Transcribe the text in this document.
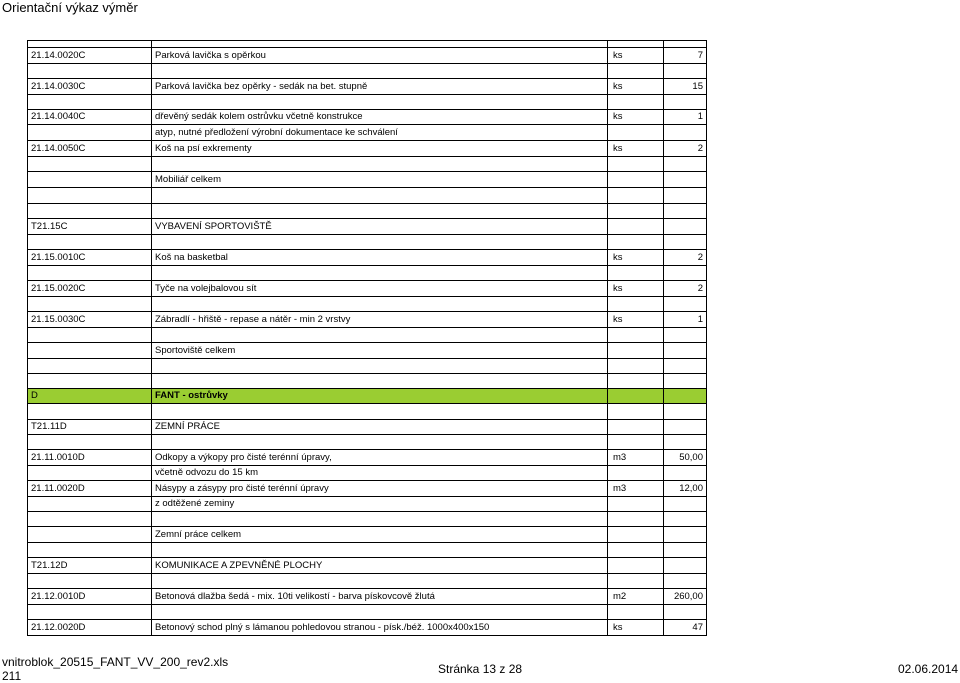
Orientační výkaz výměr

21.14.0020C	Parková lavička s opěrkou	ks	7

21.14.0030C	Parková lavička bez opěrky - sedák na bet. stupně	ks	15

21.14.0040C	dřevěný sedák kolem ostrůvku včetně konstrukce	ks	1
	atyp, nutné předložení výrobní dokumentace ke schválení		
21.14.0050C	Koš na psí exkrementy	ks	2

	Mobiliář celkem		

T21.15C	VYBAVENÍ SPORTOVIŠTĚ		

21.15.0010C	Koš na basketbal	ks	2

21.15.0020C	Tyče na volejbalovou sít	ks	2

21.15.0030C	Zábradlí - hřiště - repase a nátěr - min 2 vrstvy	ks	1

	Sportoviště celkem		

D	FANT - ostrůvky		

T21.11D	ZEMNÍ PRÁCE		

21.11.0010D	Odkopy a výkopy pro čisté terénní úpravy,	m3	50,00
	včetně odvozu do 15 km		
21.11.0020D	Násypy a zásypy pro čisté terénní úpravy	m3	12,00
	z odtěžené zeminy		

	Zemní práce celkem		

T21.12D	KOMUNIKACE A ZPEVNĚNÉ PLOCHY		

21.12.0010D	Betonová dlažba šedá - mix. 10ti velikostí - barva pískovcově žlutá	m2	260,00

21.12.0020D	Betonový schod plný s lámanou pohledovou stranou - písk./béž. 1000x400x150	ks	47
vnitroblok_20515_FANT_VV_200_rev2.xls
211	Stránka 13 z 28	02.06.2014
